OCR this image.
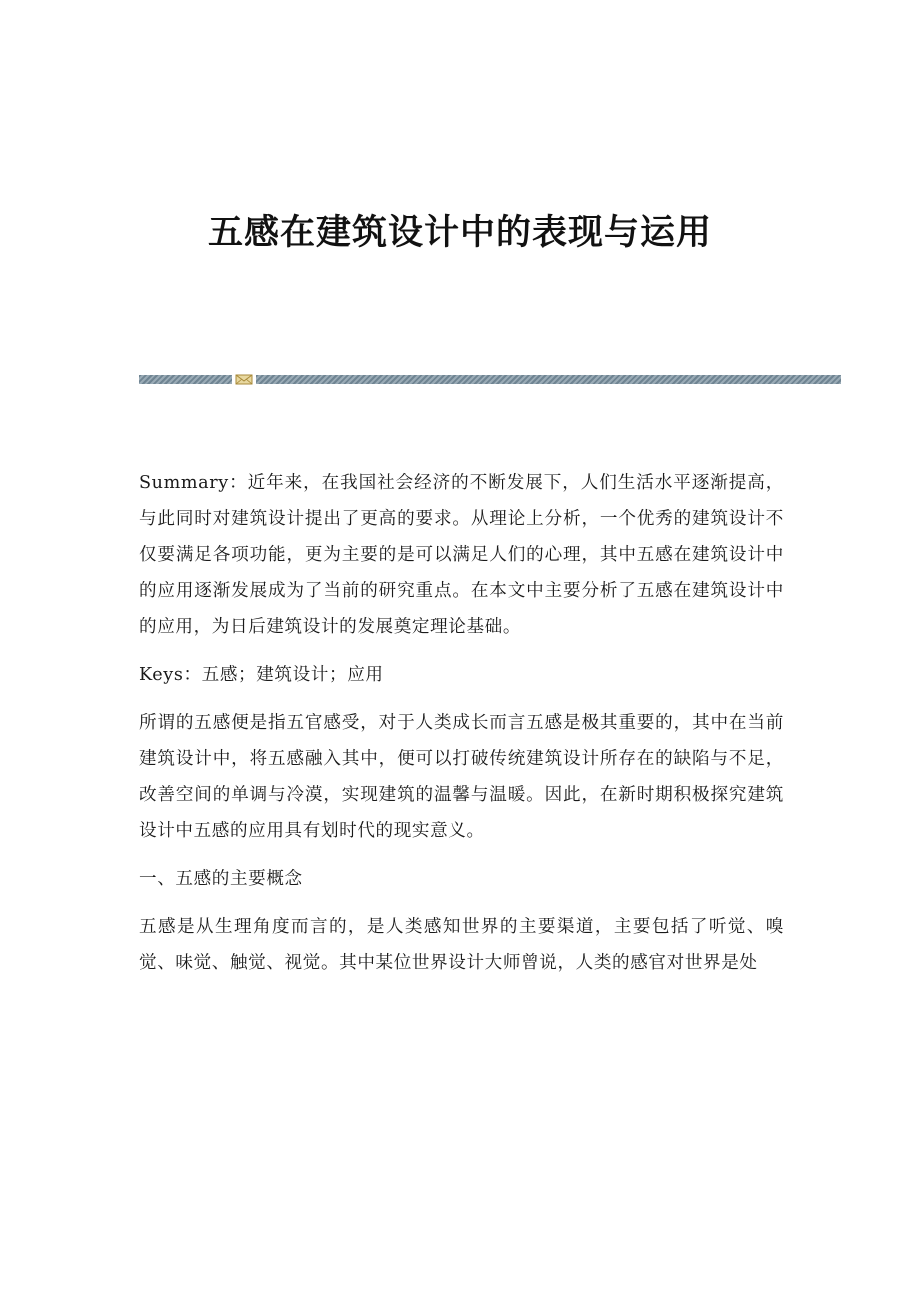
五感在建筑设计中的表现与运用

Summary：近年来，在我国社会经济的不断发展下，人们生活水平逐渐提高，与此同时对建筑设计提出了更高的要求。从理论上分析，一个优秀的建筑设计不仅要满足各项功能，更为主要的是可以满足人们的心理，其中五感在建筑设计中的应用逐渐发展成为了当前的研究重点。在本文中主要分析了五感在建筑设计中的应用，为日后建筑设计的发展奠定理论基础。

Keys：五感；建筑设计；应用

所谓的五感便是指五官感受，对于人类成长而言五感是极其重要的，其中在当前建筑设计中，将五感融入其中，便可以打破传统建筑设计所存在的缺陷与不足，改善空间的单调与冷漠，实现建筑的温馨与温暖。因此，在新时期积极探究建筑设计中五感的应用具有划时代的现实意义。

一、五感的主要概念

五感是从生理角度而言的，是人类感知世界的主要渠道，主要包括了听觉、嗅觉、味觉、触觉、视觉。其中某位世界设计大师曾说，人类的感官对世界是处
